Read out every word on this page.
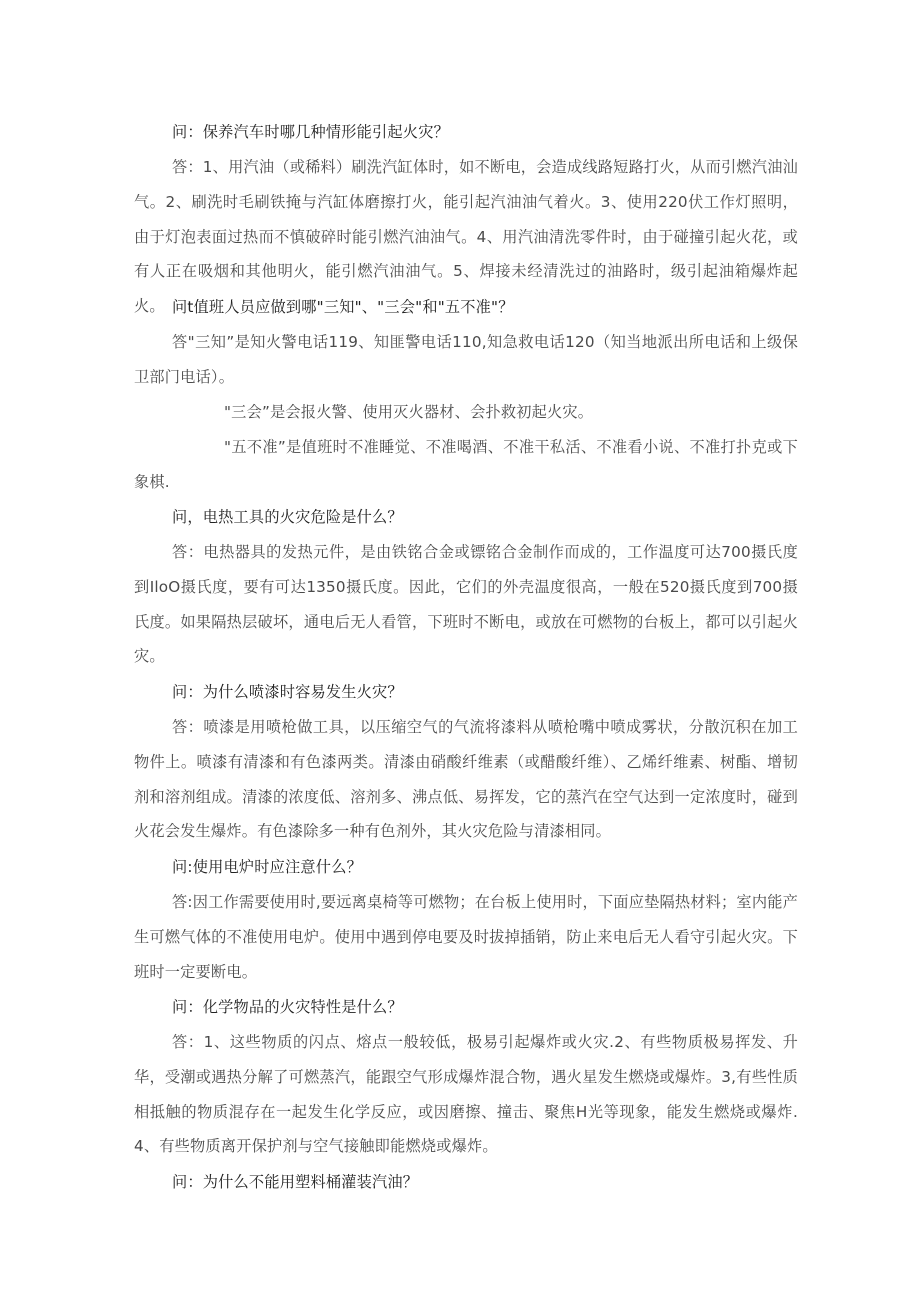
问：保养汽车时哪几种情形能引起火灾？

答：1、用汽油（或稀料）刷洗汽缸体时，如不断电，会造成线路短路打火，从而引燃汽油汕气。2、刷洗时毛刷铁掩与汽缸体磨擦打火，能引起汽油油气着火。3、使用220伏工作灯照明，由于灯泡表面过热而不慎破碎时能引燃汽油油气。4、用汽油清洗零件时，由于碰撞引起火花，或有人正在吸烟和其他明火，能引燃汽油油气。5、焊接未经清洗过的油路时，级引起油箱爆炸起火。 问t值班人员应做到哪"三知"、"三会"和"五不准"？

答"三知”是知火警电话119、知匪警电话110,知急救电话120（知当地派出所电话和上级保卫部门电话）。

"三会”是会报火警、使用灭火器材、会扑救初起火灾。

"五不准”是值班时不准睡觉、不准喝酒、不准干私活、不准看小说、不准打扑克或下象棋.

问，电热工具的火灾危险是什么？

答：电热器具的发热元件，是由铁铭合金或镖铭合金制作而成的，工作温度可达700摄氏度到IloO摄氏度，要有可达1350摄氏度。因此，它们的外壳温度很高，一般在520摄氏度到700摄氏度。如果隔热层破坏，通电后无人看管，下班时不断电，或放在可燃物的台板上，都可以引起火灾。

问：为什么喷漆时容易发生火灾？

答：喷漆是用喷枪做工具，以压缩空气的气流将漆料从喷枪嘴中喷成雾状，分散沉积在加工物件上。喷漆有清漆和有色漆两类。清漆由硝酸纤维素（或醋酸纤维）、乙烯纤维素、树酯、增韧剂和溶剂组成。清漆的浓度低、溶剂多、沸点低、易挥发，它的蒸汽在空气达到一定浓度时，碰到火花会发生爆炸。有色漆除多一种有色剂外，其火灾危险与清漆相同。

问:使用电炉时应注意什么？

答:因工作需要使用时,要远离桌椅等可燃物；在台板上使用时，下面应垫隔热材料；室内能产生可燃气体的不准使用电炉。使用中遇到停电要及时拔掉插销，防止来电后无人看守引起火灾。下班时一定要断电。

问：化学物品的火灾特性是什么？

答：1、这些物质的闪点、熔点一般较低，极易引起爆炸或火灾.2、有些物质极易挥发、升华，受潮或遇热分解了可燃蒸汽，能跟空气形成爆炸混合物，遇火星发生燃烧或爆炸。3,有些性质相抵触的物质混存在一起发生化学反应，或因磨擦、撞击、聚焦H光等现象，能发生燃烧或爆炸.4、有些物质离开保护剂与空气接触即能燃烧或爆炸。

问：为什么不能用塑料桶灌装汽油？
